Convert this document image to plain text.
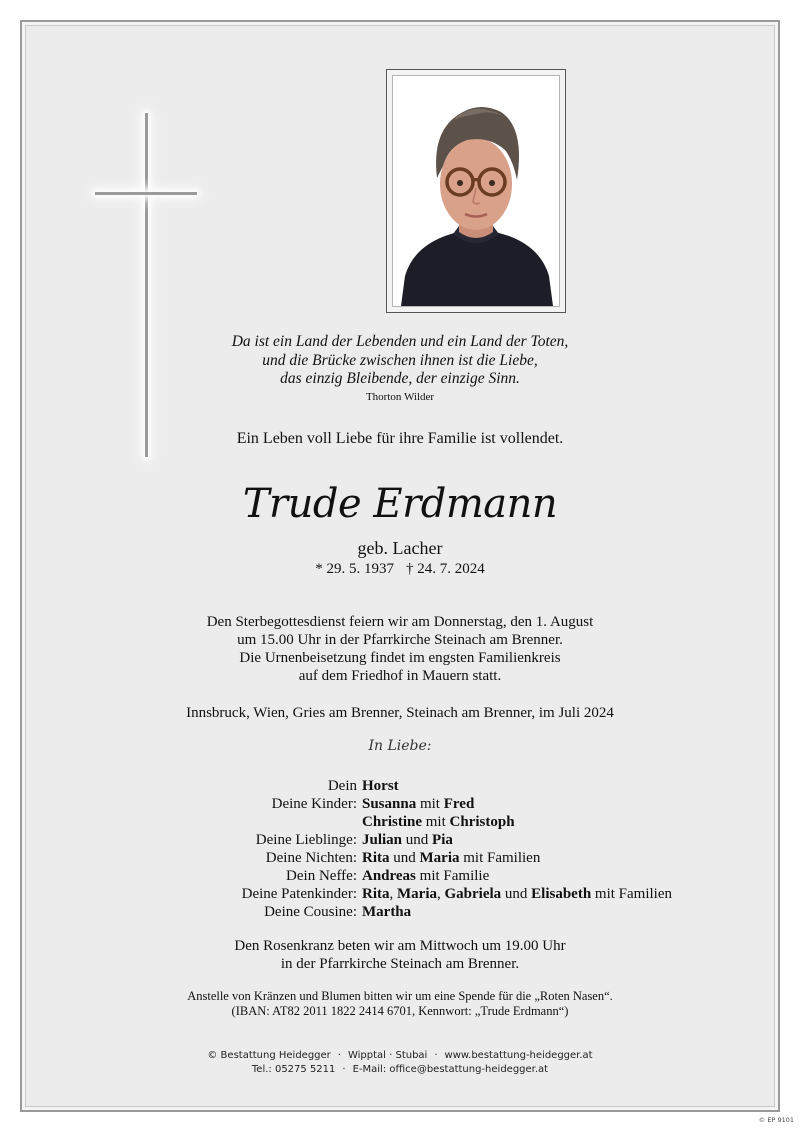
Da ist ein Land der Lebenden und ein Land der Toten,
und die Brücke zwischen ihnen ist die Liebe,
das einzig Bleibende, der einzige Sinn.
Thorton Wilder
Ein Leben voll Liebe für ihre Familie ist vollendet.
Trude Erdmann
geb. Lacher
* 29. 5. 1937 † 24. 7. 2024
Den Sterbegottesdienst feiern wir am Donnerstag, den 1. August
um 15.00 Uhr in der Pfarrkirche Steinach am Brenner.
Die Urnenbeisetzung findet im engsten Familienkreis
auf dem Friedhof in Mauern statt.
Innsbruck, Wien, Gries am Brenner, Steinach am Brenner, im Juli 2024
In Liebe:
Dein Horst
Deine Kinder: Susanna mit Fred
Christine mit Christoph
Deine Lieblinge: Julian und Pia
Deine Nichten: Rita und Maria mit Familien
Dein Neffe: Andreas mit Familie
Deine Patenkinder: Rita, Maria, Gabriela und Elisabeth mit Familien
Deine Cousine: Martha
Den Rosenkranz beten wir am Mittwoch um 19.00 Uhr
in der Pfarrkirche Steinach am Brenner.
Anstelle von Kränzen und Blumen bitten wir um eine Spende für die „Roten Nasen“.
(IBAN: AT82 2011 1822 2414 6701, Kennwort: „Trude Erdmann“)
© Bestattung Heidegger · Wipptal · Stubai · www.bestattung-heidegger.at
Tel.: 05275 5211 · E-Mail: office@bestattung-heidegger.at
© EP 9101
